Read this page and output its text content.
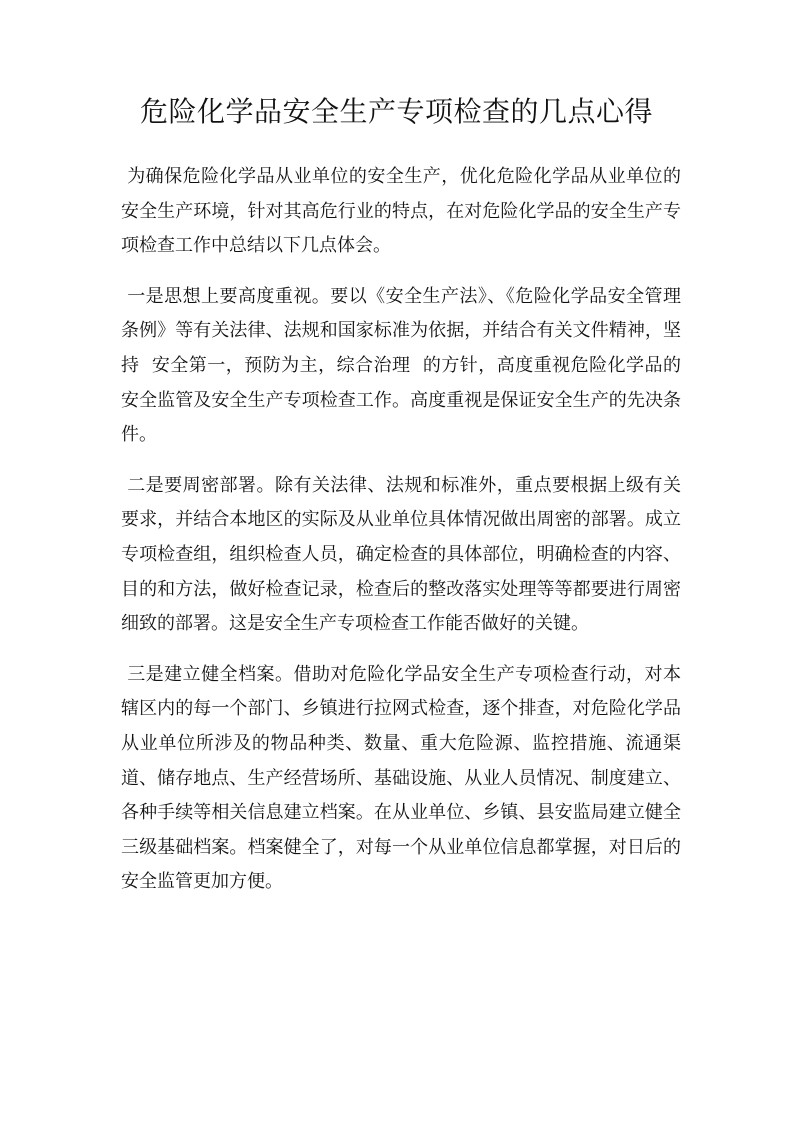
危险化学品安全生产专项检查的几点心得

为确保危险化学品从业单位的安全生产，优化危险化学品从业单位的安全生产环境，针对其高危行业的特点，在对危险化学品的安全生产专项检查工作中总结以下几点体会。

一是思想上要高度重视。要以《安全生产法》、《危险化学品安全管理条例》等有关法律、法规和国家标准为依据，并结合有关文件精神，坚持  安全第一，预防为主，综合治理  的方针，高度重视危险化学品的安全监管及安全生产专项检查工作。高度重视是保证安全生产的先决条件。

二是要周密部署。除有关法律、法规和标准外，重点要根据上级有关要求，并结合本地区的实际及从业单位具体情况做出周密的部署。成立专项检查组，组织检查人员，确定检查的具体部位，明确检查的内容、目的和方法，做好检查记录，检查后的整改落实处理等等都要进行周密细致的部署。这是安全生产专项检查工作能否做好的关键。

三是建立健全档案。借助对危险化学品安全生产专项检查行动，对本辖区内的每一个部门、乡镇进行拉网式检查，逐个排查，对危险化学品从业单位所涉及的物品种类、数量、重大危险源、监控措施、流通渠道、储存地点、生产经营场所、基础设施、从业人员情况、制度建立、各种手续等相关信息建立档案。在从业单位、乡镇、县安监局建立健全三级基础档案。档案健全了，对每一个从业单位信息都掌握，对日后的安全监管更加方便。
